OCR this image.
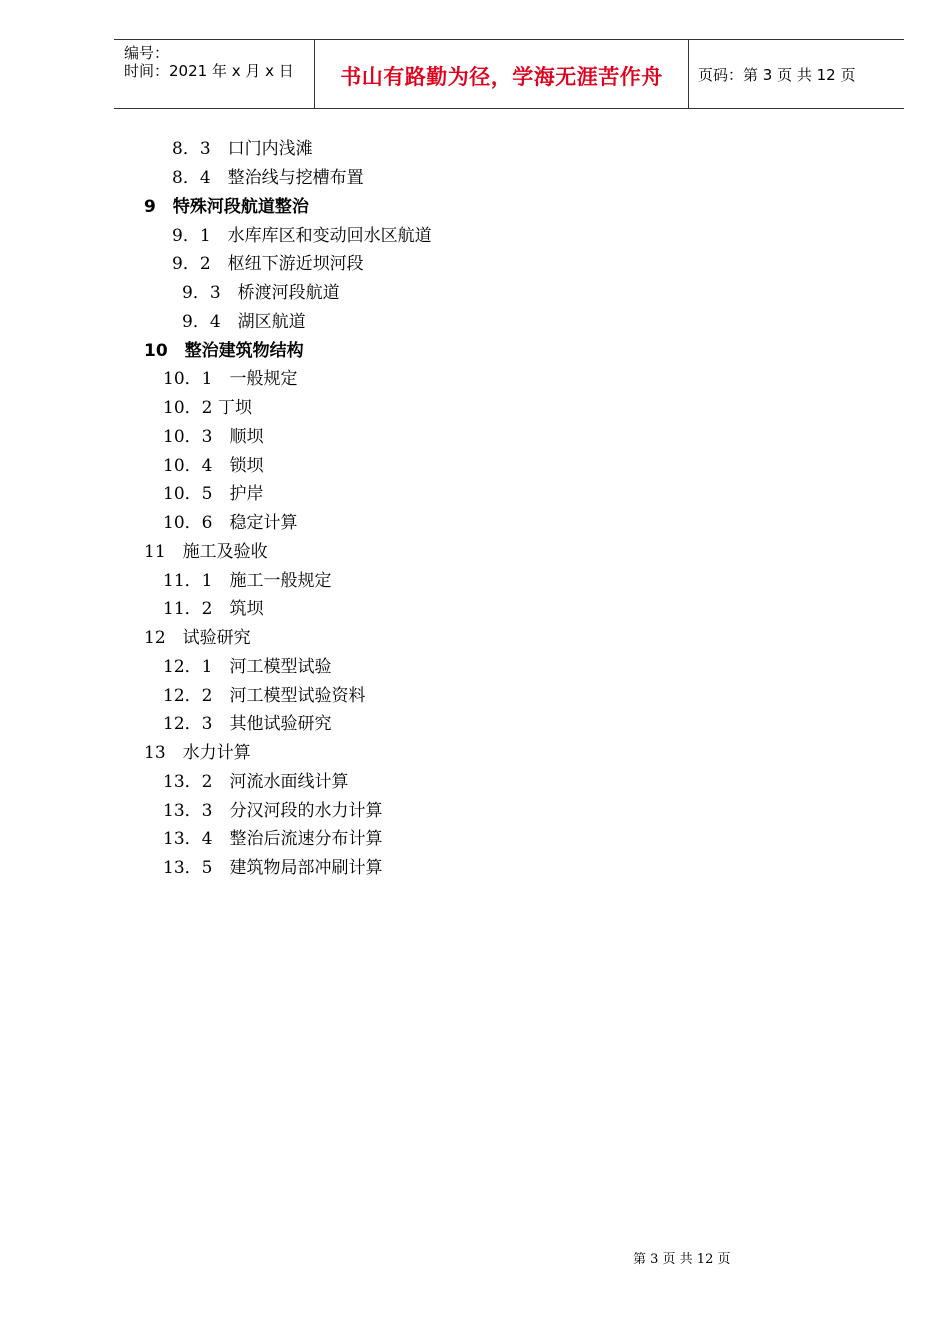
编号：
时间：2021 年 x 月 x 日 书山有路勤为径，学海无涯苦作舟 页码：第 3 页 共 12 页
8．3　口门内浅滩
8．4　整治线与挖槽布置
9　特殊河段航道整治
9．1　水库库区和变动回水区航道
9．2　枢纽下游近坝河段
9．3　桥渡河段航道
9．4　湖区航道
10　整治建筑物结构
10．1　一般规定
10．2 丁坝
10．3　顺坝
10．4　锁坝
10．5　护岸
10．6　稳定计算
11　施工及验收
11．1　施工一般规定
11．2　筑坝
12　试验研究
12．1　河工模型试验
12．2　河工模型试验资料
12．3　其他试验研究
13　水力计算
13．2　河流水面线计算
13．3　分汉河段的水力计算
13．4　整治后流速分布计算
13．5　建筑物局部冲刷计算
第 3 页 共 12 页
